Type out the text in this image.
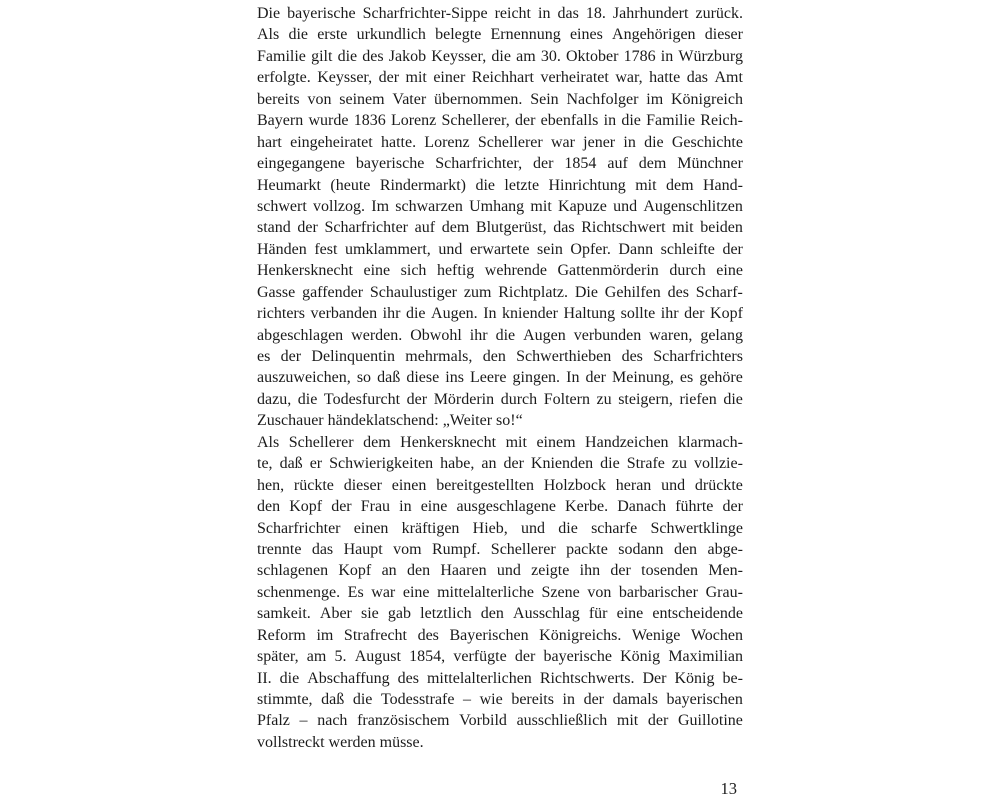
Die bayerische Scharfrichter-Sippe reicht in das 18. Jahrhundert zurück.
Als die erste urkundlich belegte Ernennung eines Angehörigen dieser
Familie gilt die des Jakob Keysser, die am 30. Oktober 1786 in Würzburg
erfolgte. Keysser, der mit einer Reichhart verheiratet war, hatte das Amt
bereits von seinem Vater übernommen. Sein Nachfolger im Königreich
Bayern wurde 1836 Lorenz Schellerer, der ebenfalls in die Familie Reich-
hart eingeheiratet hatte. Lorenz Schellerer war jener in die Geschichte
eingegangene bayerische Scharfrichter, der 1854 auf dem Münchner
Heumarkt (heute Rindermarkt) die letzte Hinrichtung mit dem Hand-
schwert vollzog. Im schwarzen Umhang mit Kapuze und Augenschlitzen
stand der Scharfrichter auf dem Blutgerüst, das Richtschwert mit beiden
Händen fest umklammert, und erwartete sein Opfer. Dann schleifte der
Henkersknecht eine sich heftig wehrende Gattenmörderin durch eine
Gasse gaffender Schaulustiger zum Richtplatz. Die Gehilfen des Scharf-
richters verbanden ihr die Augen. In kniender Haltung sollte ihr der Kopf
abgeschlagen werden. Obwohl ihr die Augen verbunden waren, gelang
es der Delinquentin mehrmals, den Schwerthieben des Scharfrichters
auszuweichen, so daß diese ins Leere gingen. In der Meinung, es gehöre
dazu, die Todesfurcht der Mörderin durch Foltern zu steigern, riefen die
Zuschauer händeklatschend: „Weiter so!“
Als Schellerer dem Henkersknecht mit einem Handzeichen klarmach-
te, daß er Schwierigkeiten habe, an der Knienden die Strafe zu vollzie-
hen, rückte dieser einen bereitgestellten Holzbock heran und drückte
den Kopf der Frau in eine ausgeschlagene Kerbe. Danach führte der
Scharfrichter einen kräftigen Hieb, und die scharfe Schwertklinge
trennte das Haupt vom Rumpf. Schellerer packte sodann den abge-
schlagenen Kopf an den Haaren und zeigte ihn der tosenden Men-
schenmenge. Es war eine mittelalterliche Szene von barbarischer Grau-
samkeit. Aber sie gab letztlich den Ausschlag für eine entscheidende
Reform im Strafrecht des Bayerischen Königreichs. Wenige Wochen
später, am 5. August 1854, verfügte der bayerische König Maximilian
II. die Abschaffung des mittelalterlichen Richtschwerts. Der König be-
stimmte, daß die Todesstrafe – wie bereits in der damals bayerischen
Pfalz – nach französischem Vorbild ausschließlich mit der Guillotine
vollstreckt werden müsse.
13
